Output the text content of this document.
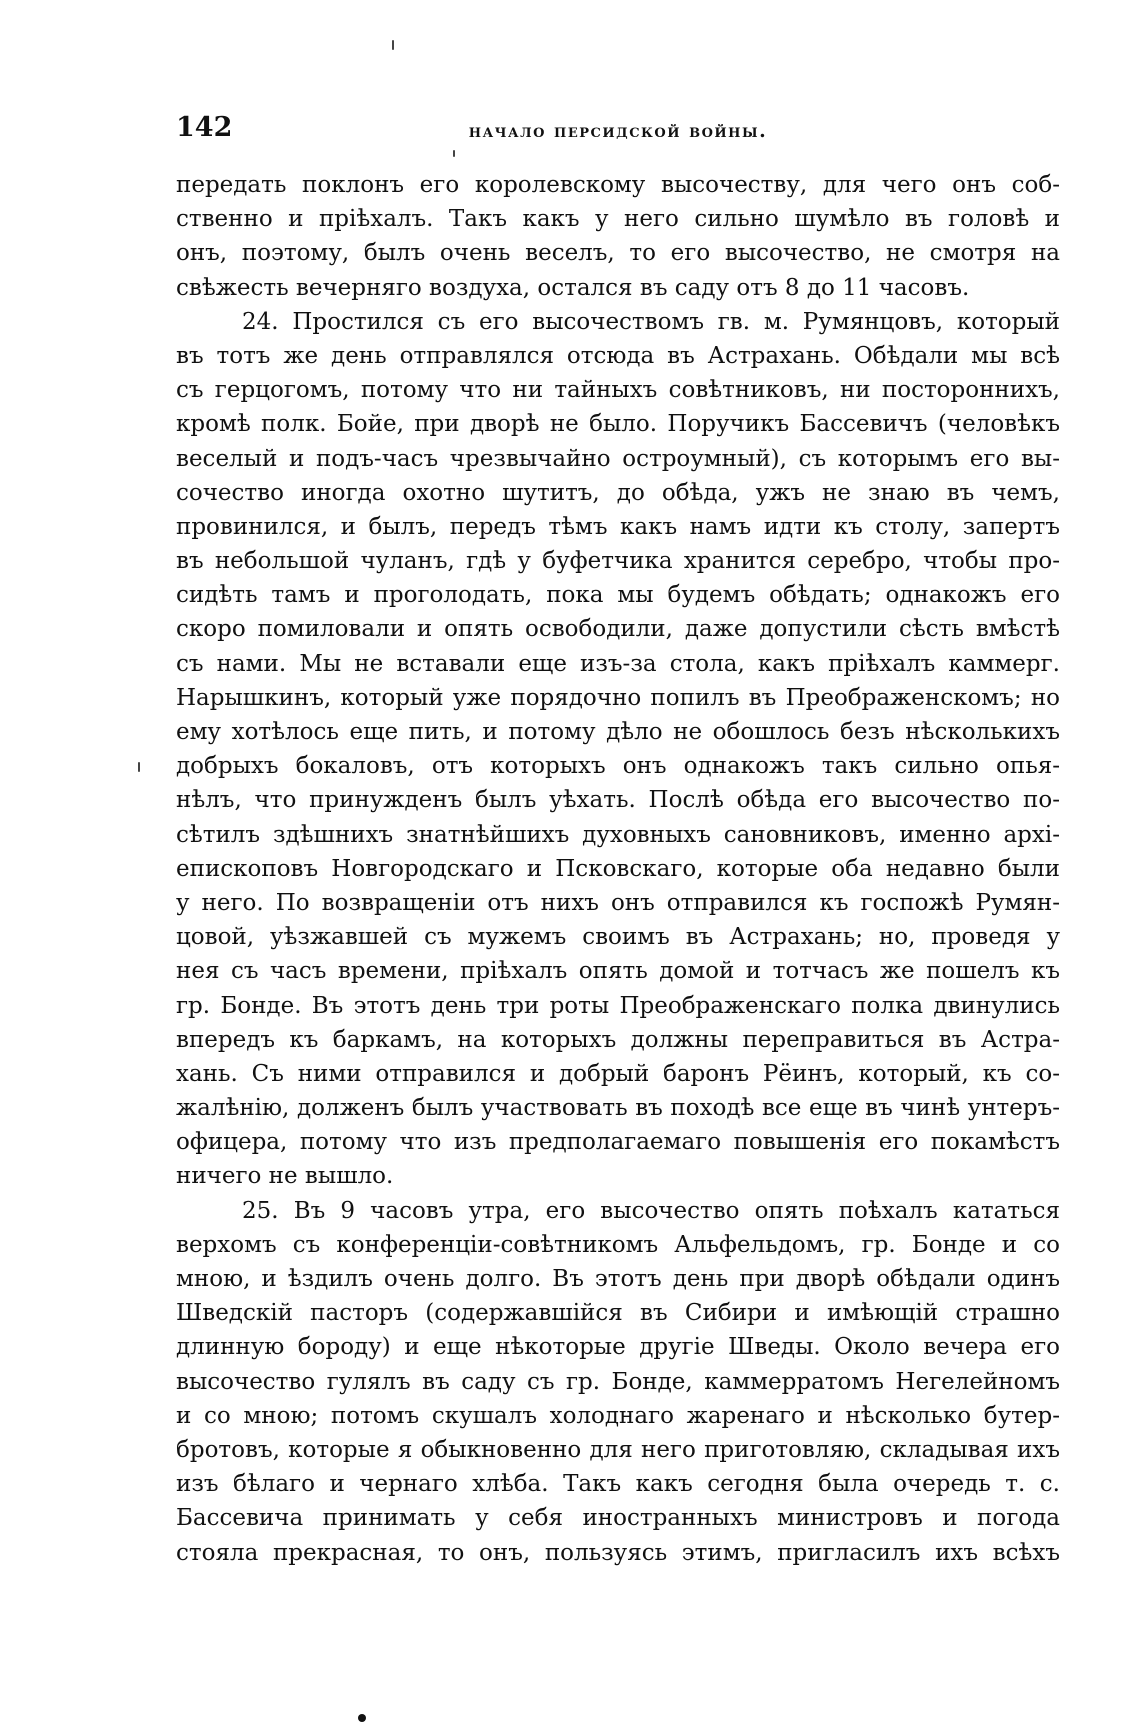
142	начало персидской войны.
передать поклонъ его королевскому высочеству, для чего онъ соб-
ственно и пріѣхалъ. Такъ какъ у него сильно шумѣло въ головѣ и
онъ, поэтому, былъ очень веселъ, то его высочество, не смотря на
свѣжесть вечерняго воздуха, остался въ саду отъ 8 до 11 часовъ.
24. Простился съ его высочествомъ гв. м. Румянцовъ, который
въ тотъ же день отправлялся отсюда въ Астрахань. Обѣдали мы всѣ
съ герцогомъ, потому что ни тайныхъ совѣтниковъ, ни постороннихъ,
кромѣ полк. Бойе, при дворѣ не было. Поручикъ Бассевичъ (человѣкъ
веселый и подъ-часъ чрезвычайно остроумный), съ которымъ его вы-
сочество иногда охотно шутитъ, до обѣда, ужъ не знаю въ чемъ,
провинился, и былъ, передъ тѣмъ какъ намъ идти къ столу, запертъ
въ небольшой чуланъ, гдѣ у буфетчика хранится серебро, чтобы про-
сидѣть тамъ и проголодать, пока мы будемъ обѣдать; однакожъ его
скоро помиловали и опять освободили, даже допустили сѣсть вмѣстѣ
съ нами. Мы не вставали еще изъ-за стола, какъ пріѣхалъ каммерг.
Нарышкинъ, который уже порядочно попилъ въ Преображенскомъ; но
ему хотѣлось еще пить, и потому дѣло не обошлось безъ нѣсколькихъ
добрыхъ бокаловъ, отъ которыхъ онъ однакожъ такъ сильно опья-
нѣлъ, что принужденъ былъ уѣхать. Послѣ обѣда его высочество по-
сѣтилъ здѣшнихъ знатнѣйшихъ духовныхъ сановниковъ, именно архі-
епископовъ Новгородскаго и Псковскаго, которые оба недавно были
у него. По возвращеніи отъ нихъ онъ отправился къ госпожѣ Румян-
цовой, уѣзжавшей съ мужемъ своимъ въ Астрахань; но, проведя у
нея съ часъ времени, пріѣхалъ опять домой и тотчасъ же пошелъ къ
гр. Бонде. Въ этотъ день три роты Преображенскаго полка двинулись
впередъ къ баркамъ, на которыхъ должны переправиться въ Астра-
хань. Съ ними отправился и добрый баронъ Рёинъ, который, къ со-
жалѣнію, долженъ былъ участвовать въ походѣ все еще въ чинѣ унтеръ-
офицера, потому что изъ предполагаемаго повышенія его покамѣстъ
ничего не вышло.
25. Въ 9 часовъ утра, его высочество опять поѣхалъ кататься
верхомъ съ конференціи-совѣтникомъ Альфельдомъ, гр. Бонде и со
мною, и ѣздилъ очень долго. Въ этотъ день при дворѣ обѣдали одинъ
Шведскій пасторъ (содержавшійся въ Сибири и имѣющій страшно
длинную бороду) и еще нѣкоторые другіе Шведы. Около вечера его
высочество гулялъ въ саду съ гр. Бонде, каммерратомъ Негелейномъ
и со мною; потомъ скушалъ холоднаго жаренаго и нѣсколько бутер-
бротовъ, которые я обыкновенно для него приготовляю, складывая ихъ
изъ бѣлаго и чернаго хлѣба. Такъ какъ сегодня была очередь т. с.
Бассевича принимать у себя иностранныхъ министровъ и погода
стояла прекрасная, то онъ, пользуясь этимъ, пригласилъ ихъ всѣхъ
